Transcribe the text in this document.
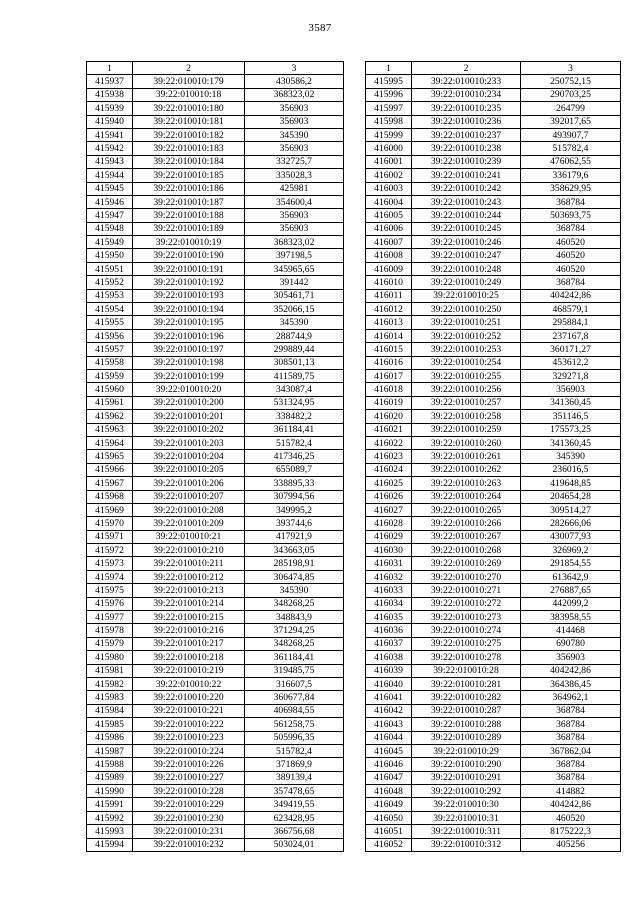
3587
1	2	3
415937	39:22:010010:179	430586,2
415938	39:22:010010:18	368323,02
415939	39:22:010010:180	356903
415940	39:22:010010:181	356903
415941	39:22:010010:182	345390
415942	39:22:010010:183	356903
415943	39:22:010010:184	332725,7
415944	39:22:010010:185	335028,3
415945	39:22:010010:186	425981
415946	39:22:010010:187	354600,4
415947	39:22:010010:188	356903
415948	39:22:010010:189	356903
415949	39:22:010010:19	368323,02
415950	39:22:010010:190	397198,5
415951	39:22:010010:191	345965,65
415952	39:22:010010:192	391442
415953	39:22:010010:193	305461,71
415954	39:22:010010:194	352066,15
415955	39:22:010010:195	345390
415956	39:22:010010:196	288744,9
415957	39:22:010010:197	299889,44
415958	39:22:010010:198	308501,13
415959	39:22:010010:199	411589,75
415960	39:22:010010:20	343087,4
415961	39:22:010010:200	531324,95
415962	39:22:010010:201	338482,2
415963	39:22:010010:202	361184,41
415964	39:22:010010:203	515782,4
415965	39:22:010010:204	417346,25
415966	39:22:010010:205	655089,7
415967	39:22:010010:206	338895,33
415968	39:22:010010:207	307994,56
415969	39:22:010010:208	349995,2
415970	39:22:010010:209	393744,6
415971	39:22:010010:21	417921,9
415972	39:22:010010:210	343663,05
415973	39:22:010010:211	285198,91
415974	39:22:010010:212	306474,85
415975	39:22:010010:213	345390
415976	39:22:010010:214	348268,25
415977	39:22:010010:215	348843,9
415978	39:22:010010:216	371294,25
415979	39:22:010010:217	348268,25
415980	39:22:010010:218	361184,41
415981	39:22:010010:219	319485,75
415982	39:22:010010:22	316607,5
415983	39:22:010010:220	360677,84
415984	39:22:010010:221	406984,55
415985	39:22:010010:222	561258,75
415986	39:22:010010:223	505996,35
415987	39:22:010010:224	515782,4
415988	39:22:010010:226	371869,9
415989	39:22:010010:227	389139,4
415990	39:22:010010:228	357478,65
415991	39:22:010010:229	349419,55
415992	39:22:010010:230	623428,95
415993	39:22:010010:231	366756,68
415994	39:22:010010:232	503024,01
1	2	3
415995	39:22:010010:233	250752,15
415996	39:22:010010:234	290703,25
415997	39:22:010010:235	264799
415998	39:22:010010:236	392017,65
415999	39:22:010010:237	493907,7
416000	39:22:010010:238	515782,4
416001	39:22:010010:239	476062,55
416002	39:22:010010:241	336179,6
416003	39:22:010010:242	358629,95
416004	39:22:010010:243	368784
416005	39:22:010010:244	503693,75
416006	39:22:010010:245	368784
416007	39:22:010010:246	460520
416008	39:22:010010:247	460520
416009	39:22:010010:248	460520
416010	39:22:010010:249	368784
416011	39:22:010010:25	404242,86
416012	39:22:010010:250	468579,1
416013	39:22:010010:251	295884,1
416014	39:22:010010:252	237167,8
416015	39:22:010010:253	360171,27
416016	39:22:010010:254	453612,2
416017	39:22:010010:255	329271,8
416018	39:22:010010:256	356903
416019	39:22:010010:257	341360,45
416020	39:22:010010:258	351146,5
416021	39:22:010010:259	175573,25
416022	39:22:010010:260	341360,45
416023	39:22:010010:261	345390
416024	39:22:010010:262	236016,5
416025	39:22:010010:263	419648,85
416026	39:22:010010:264	204654,28
416027	39:22:010010:265	309514,27
416028	39:22:010010:266	282666,06
416029	39:22:010010:267	430077,93
416030	39:22:010010:268	326969,2
416031	39:22:010010:269	291854,55
416032	39:22:010010:270	613642,9
416033	39:22:010010:271	276887,65
416034	39:22:010010:272	442099,2
416035	39:22:010010:273	383958,55
416036	39:22:010010:274	414468
416037	39:22:010010:275	690780
416038	39:22:010010:278	356903
416039	39:22:010010:28	404242,86
416040	39:22:010010:281	364386,45
416041	39:22:010010:282	364962,1
416042	39:22:010010:287	368784
416043	39:22:010010:288	368784
416044	39:22:010010:289	368784
416045	39:22:010010:29	367862,04
416046	39:22:010010:290	368784
416047	39:22:010010:291	368784
416048	39:22:010010:292	414882
416049	39:22:010010:30	404242,86
416050	39:22:010010:31	460520
416051	39:22:010010:311	8175222,3
416052	39:22:010010:312	405256
